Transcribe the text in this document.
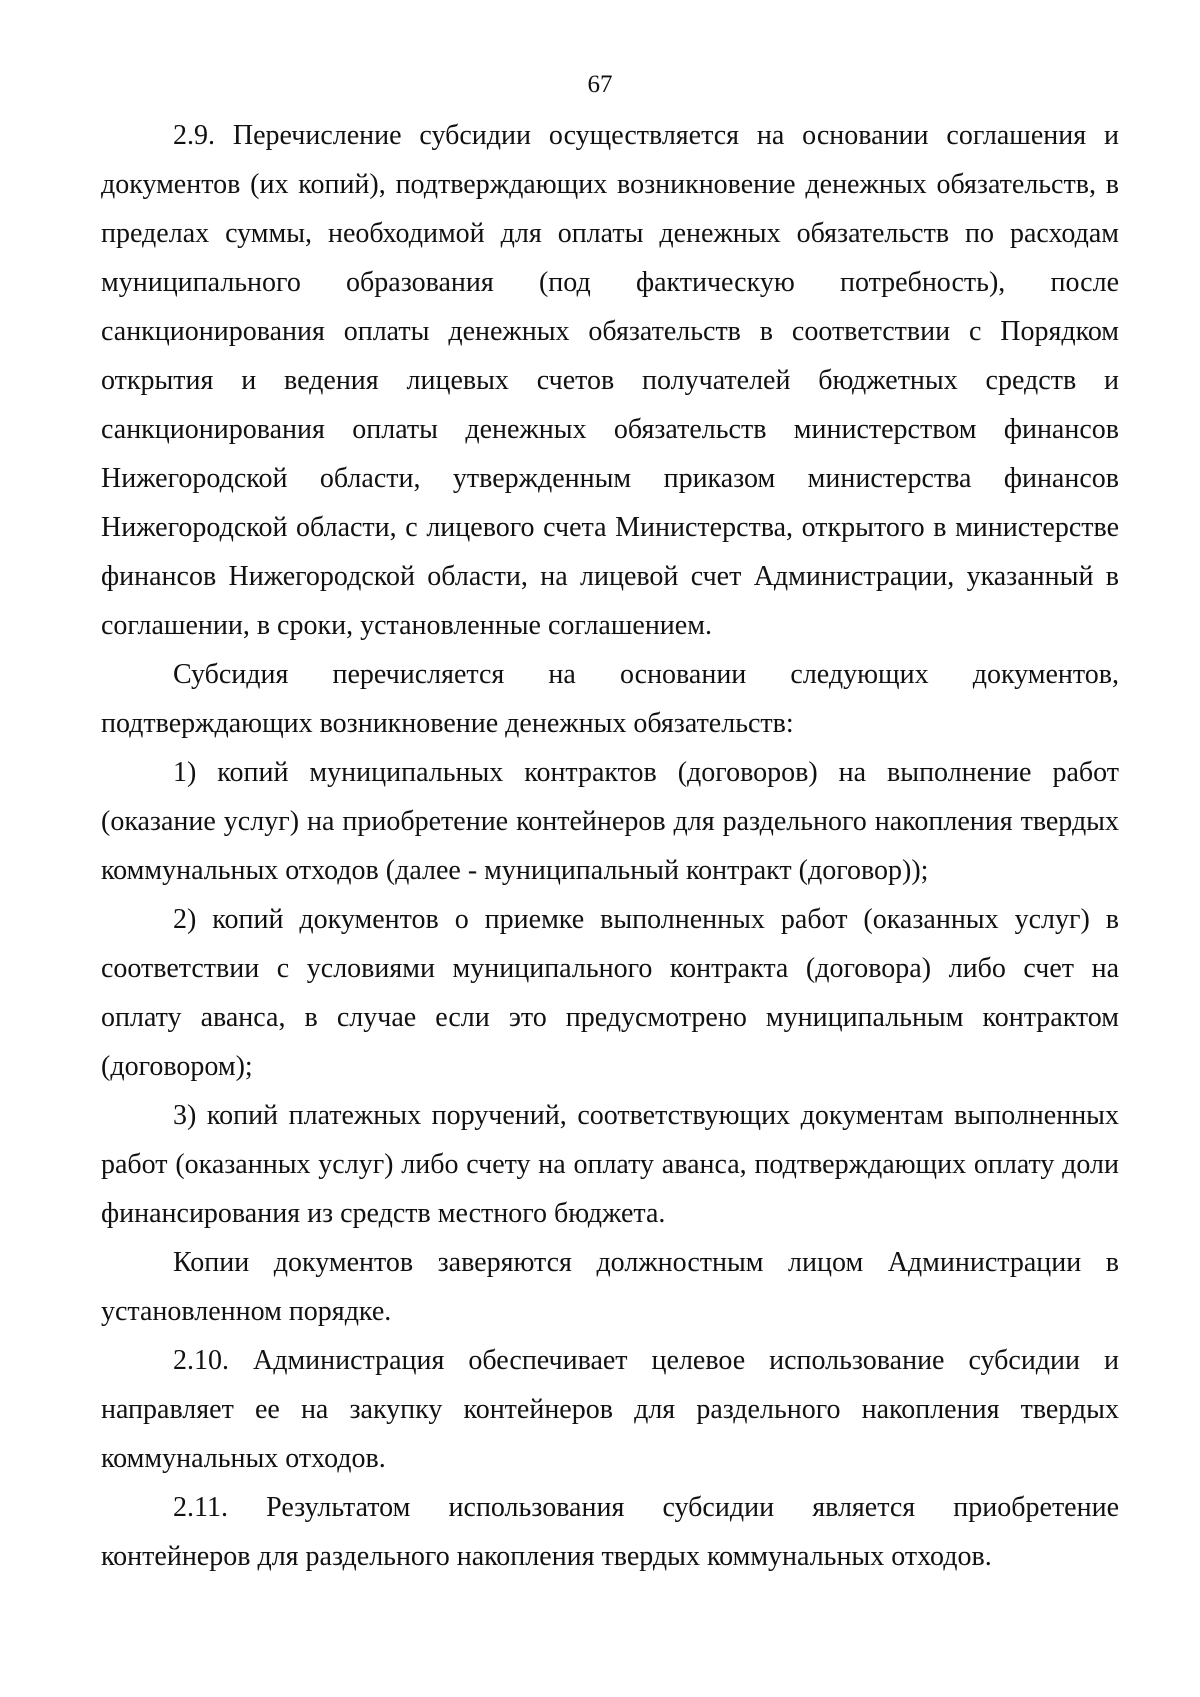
67

2.9. Перечисление субсидии осуществляется на основании соглашения и документов (их копий), подтверждающих возникновение денежных обязательств, в пределах суммы, необходимой для оплаты денежных обязательств по расходам муниципального образования (под фактическую потребность), после санкционирования оплаты денежных обязательств в соответствии с Порядком открытия и ведения лицевых счетов получателей бюджетных средств и санкционирования оплаты денежных обязательств министерством финансов Нижегородской области, утвержденным приказом министерства финансов Нижегородской области, с лицевого счета Министерства, открытого в министерстве финансов Нижегородской области, на лицевой счет Администрации, указанный в соглашении, в сроки, установленные соглашением.

Субсидия перечисляется на основании следующих документов, подтверждающих возникновение денежных обязательств:

1) копий муниципальных контрактов (договоров) на выполнение работ (оказание услуг) на приобретение контейнеров для раздельного накопления твердых коммунальных отходов (далее - муниципальный контракт (договор));

2) копий документов о приемке выполненных работ (оказанных услуг) в соответствии с условиями муниципального контракта (договора) либо счет на оплату аванса, в случае если это предусмотрено муниципальным контрактом (договором);

3) копий платежных поручений, соответствующих документам выполненных работ (оказанных услуг) либо счету на оплату аванса, подтверждающих оплату доли финансирования из средств местного бюджета.

Копии документов заверяются должностным лицом Администрации в установленном порядке.

2.10. Администрация обеспечивает целевое использование субсидии и направляет ее на закупку контейнеров для раздельного накопления твердых коммунальных отходов.

2.11. Результатом использования субсидии является приобретение контейнеров для раздельного накопления твердых коммунальных отходов.
